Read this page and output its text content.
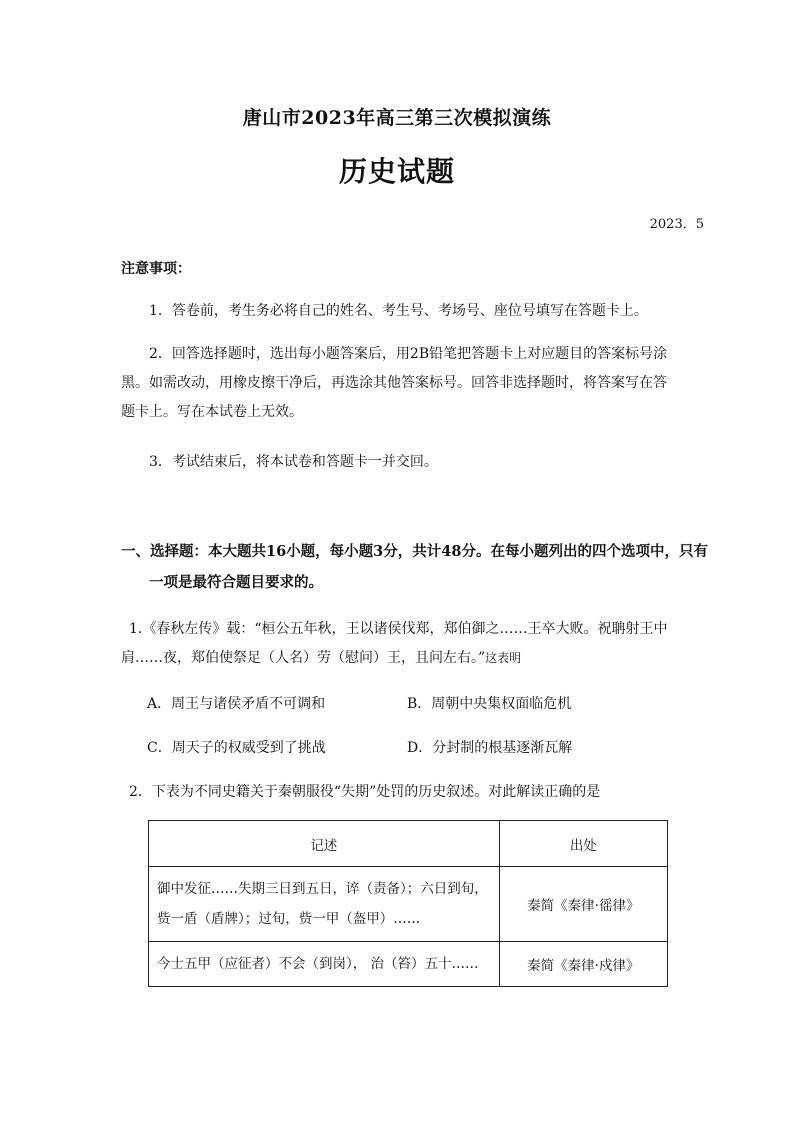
唐山市2023年高三第三次模拟演练
历史试题
2023．5
注意事项：
1．答卷前，考生务必将自己的姓名、考生号、考场号、座位号填写在答题卡上。
2．回答选择题时，选出每小题答案后，用2B铅笔把答题卡上对应题目的答案标号涂黑。如需改动，用橡皮擦干净后，再选涂其他答案标号。回答非选择题时，将答案写在答题卡上。写在本试卷上无效。
3．考试结束后，将本试卷和答题卡一并交回。
一、选择题：本大题共16小题，每小题3分，共计48分。在每小题列出的四个选项中，只有一项是最符合题目要求的。
1.《春秋左传》载：“桓公五年秋，王以诸侯伐郑，郑伯御之……王卒大败。祝聃射王中肩……夜，郑伯使祭足（人名）劳（慰问）王，且问左右。”这表明
A．周王与诸侯矛盾不可调和	B．周朝中央集权面临危机
C．周天子的权威受到了挑战	D．分封制的根基逐渐瓦解
2．下表为不同史籍关于秦朝服役“失期”处罚的历史叙述。对此解读正确的是
记述	出处
御中发征……失期三日到五日，谇（责备）；六日到旬，赀一盾（盾牌）；过旬，赀一甲（盔甲）……	秦简《秦律·徭律》
今士五甲（应征者）不会（到岗）， 治（笞）五十……	秦简《秦律·戍律》
